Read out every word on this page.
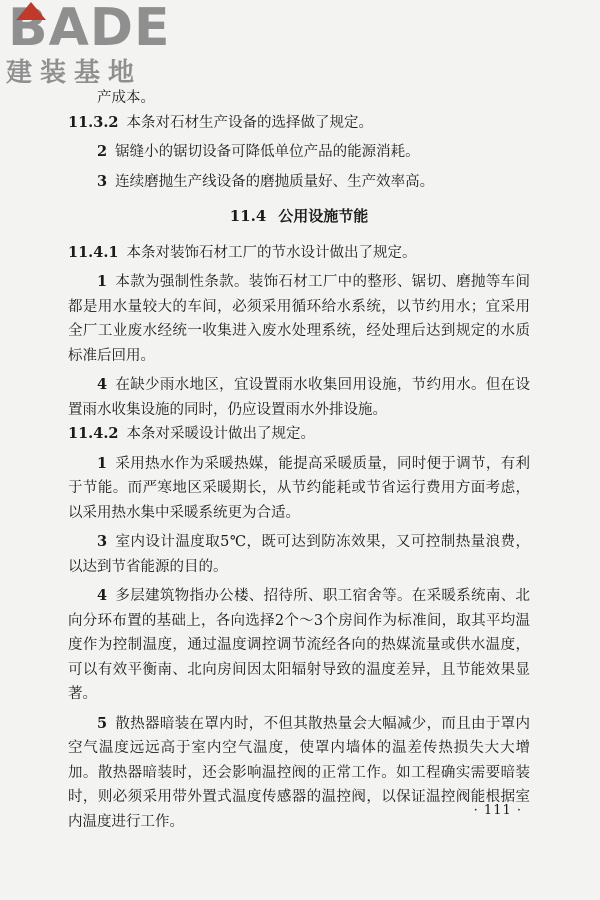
BADE
建装基地

产成本。

11.3.2 本条对石材生产设备的选择做了规定。

2 锯缝小的锯切设备可降低单位产品的能源消耗。

3 连续磨抛生产线设备的磨抛质量好、生产效率高。

11.4 公用设施节能

11.4.1 本条对装饰石材工厂的节水设计做出了规定。

1 本款为强制性条款。装饰石材工厂中的整形、锯切、磨抛等车间都是用水量较大的车间，必须采用循环给水系统，以节约用水；宜采用全厂工业废水经统一收集进入废水处理系统，经处理后达到规定的水质标准后回用。

4 在缺少雨水地区，宜设置雨水收集回用设施，节约用水。但在设置雨水收集设施的同时，仍应设置雨水外排设施。

11.4.2 本条对采暖设计做出了规定。

1 采用热水作为采暖热媒，能提高采暖质量，同时便于调节，有利于节能。而严寒地区采暖期长，从节约能耗或节省运行费用方面考虑，以采用热水集中采暖系统更为合适。

3 室内设计温度取5℃，既可达到防冻效果，又可控制热量浪费，以达到节省能源的目的。

4 多层建筑物指办公楼、招待所、职工宿舍等。在采暖系统南、北向分环布置的基础上，各向选择2个～3个房间作为标准间，取其平均温度作为控制温度，通过温度调控调节流经各向的热媒流量或供水温度，可以有效平衡南、北向房间因太阳辐射导致的温度差异，且节能效果显著。

5 散热器暗装在罩内时，不但其散热量会大幅减少，而且由于罩内空气温度远远高于室内空气温度，使罩内墙体的温差传热损失大大增加。散热器暗装时，还会影响温控阀的正常工作。如工程确实需要暗装时，则必须采用带外置式温度传感器的温控阀，以保证温控阀能根据室内温度进行工作。

· 111 ·
